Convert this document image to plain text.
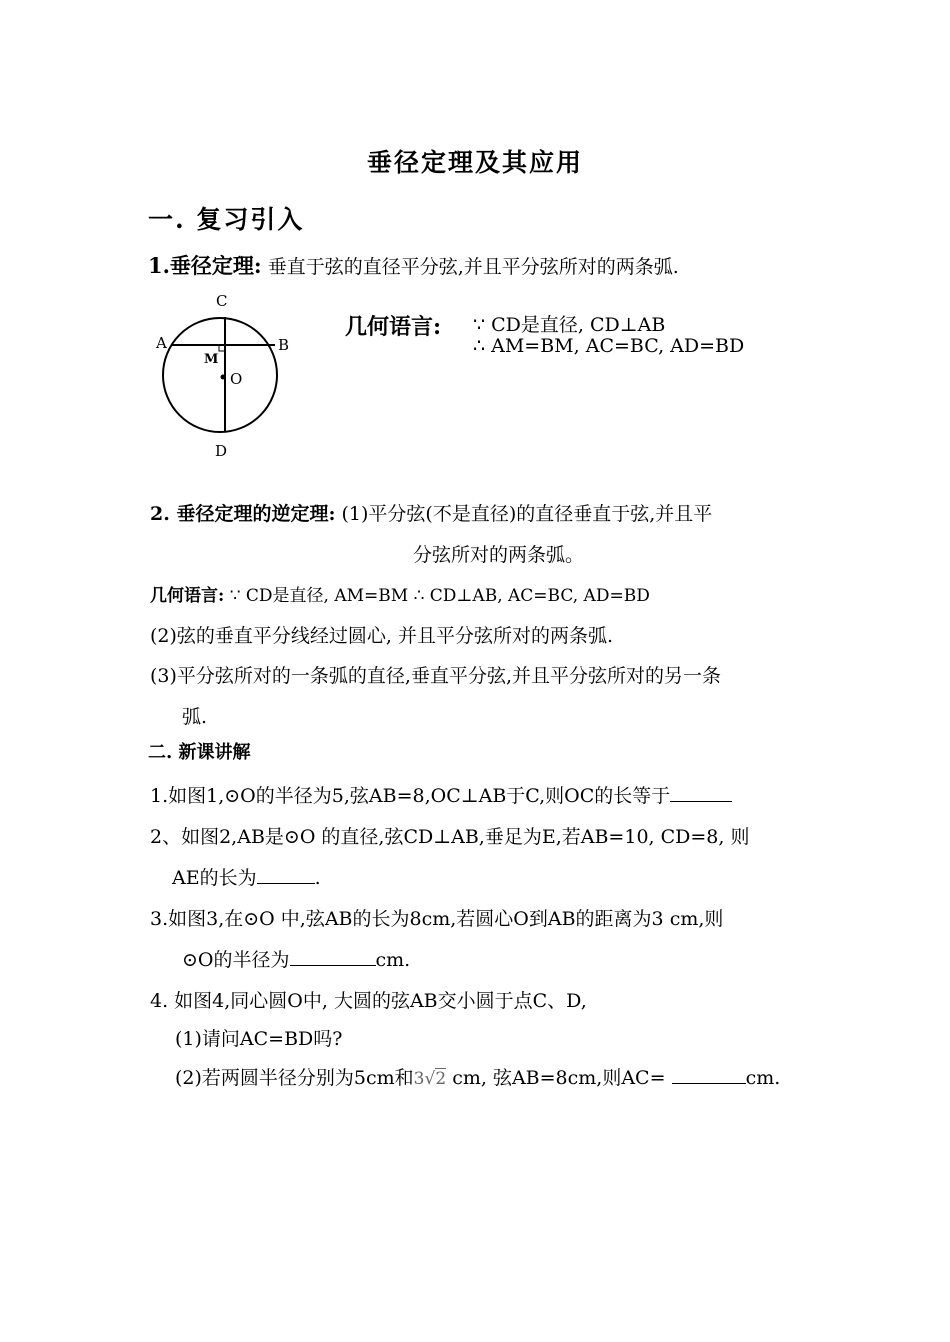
垂径定理及其应用
一. 复习引入
1.垂径定理: 垂直于弦的直径平分弦,并且平分弦所对的两条弧.
C
A	B
M
O
D
几何语言: ∵ CD是直径, CD⊥AB
∴ AM=BM, AC=BC, AD=BD
2. 垂径定理的逆定理: (1)平分弦(不是直径)的直径垂直于弦,并且平
分弦所对的两条弧。
几何语言: ∵ CD是直径, AM=BM ∴ CD⊥AB, AC=BC, AD=BD
(2)弦的垂直平分线经过圆心, 并且平分弦所对的两条弧.
(3)平分弦所对的一条弧的直径,垂直平分弦,并且平分弦所对的另一条
弧.
二. 新课讲解
1.如图1,⊙O的半径为5,弦AB=8,OC⊥AB于C,则OC的长等于
2、如图2,AB是⊙O 的直径,弦CD⊥AB,垂足为E,若AB=10, CD=8, 则
AE的长为	.
3.如图3,在⊙O 中,弦AB的长为8cm,若圆心O到AB的距离为3 cm,则
⊙O的半径为	cm.
4. 如图4,同心圆O中, 大圆的弦AB交小圆于点C、D,
(1)请问AC=BD吗?
(2)若两圆半径分别为5cm和3√2 cm, 弦AB=8cm,则AC=	cm.
